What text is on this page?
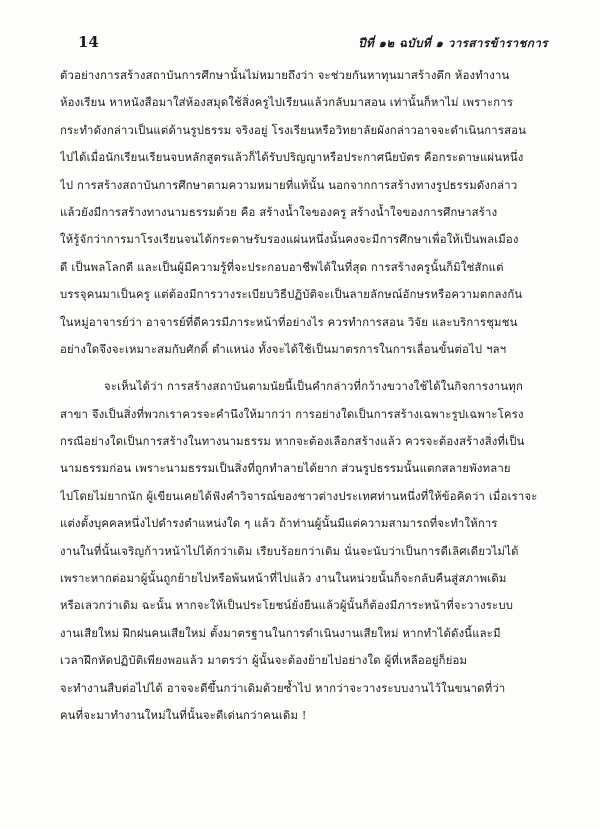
14	ปีที่ ๑๒ ฉบับที่ ๑ วารสารข้าราชการ

ตัวอย่างการสร้างสถาบันการศึกษานั้นไม่หมายถึงว่า จะช่วยกันหาทุนมาสร้างตึก ห้องทำงาน

ห้องเรียน หาหนังสือมาใส่ห้องสมุดใช้สิ่งครูไปเรียนแล้วกลับมาสอน เท่านั้นก็หาไม่ เพราะการ

กระทำดังกล่าวเป็นแต่ด้านรูปธรรม จริงอยู่ โรงเรียนหรือวิทยาลัยผังกล่าวอาจจะดำเนินการสอน

ไปได้เมื่อนักเรียนเรียนจบหลักสูตรแล้วก็ได้รับปริญญาหรือประกาศนียบัตร คือกระดาษแผ่นหนึ่ง

ไป การสร้างสถาบันการศึกษาตามความหมายที่แท้นั้น นอกจากการสร้างทางรูปธรรมดังกล่าว

แล้วยังมีการสร้างทางนามธรรมด้วย คือ สร้างน้ำใจของครู สร้างน้ำใจของการศึกษาสร้าง

ให้รู้จักว่าการมาโรงเรียนจนได้กระดาษรับรองแผ่นหนึ่งนั้นคงจะมีการศึกษาเพื่อให้เป็นพลเมือง

ดี เป็นพลโลกดี และเป็นผู้มีความรู้ที่จะประกอบอาชีพได้ในที่สุด การสร้างครูนั้นก็มิใช่สักแต่

บรรจุคนมาเป็นครู แต่ต้องมีการวางระเบียบวิธีปฏิบัติจะเป็นลายลักษณ์อักษรหรือความตกลงกัน

ในหมู่อาจารย์ว่า อาจารย์ที่ดีควรมีภาระหน้าที่อย่างไร ควรทำการสอน วิจัย และบริการชุมชน

อย่างใดจึงจะเหมาะสมกับศักดิ์ ตำแหน่ง ทั้งจะได้ใช้เป็นมาตรการในการเลื่อนขั้นต่อไป ฯลฯ

จะเห็นได้ว่า การสร้างสถาบันตามนัยนี้เป็นคำกล่าวที่กว้างขวางใช้ได้ในกิจการงานทุก

สาขา จึงเป็นสิ่งที่พวกเราควรจะคำนึงให้มากว่า การอย่างใดเป็นการสร้างเฉพาะรูปเฉพาะโครง

กรณีอย่างใดเป็นการสร้างในทางนามธรรม หากจะต้องเลือกสร้างแล้ว ควรจะต้องสร้างสิ่งที่เป็น

นามธรรมก่อน เพราะนามธรรมเป็นสิ่งที่ถูกทำลายได้ยาก ส่วนรูปธรรมนั้นแตกสลายพังทลาย

ไปโดยไม่ยากนัก ผู้เขียนเคยได้ฟังคำวิจารณ์ของชาวต่างประเทศท่านหนึ่งที่ให้ข้อคิดว่า เมื่อเราจะ

แต่งตั้งบุคคลหนึ่งไปดำรงตำแหน่งใด ๆ แล้ว ถ้าท่านผู้นั้นมีแต่ความสามารถที่จะทำให้การ

งานในที่นั้นเจริญก้าวหน้าไปได้กว่าเดิม เรียบร้อยกว่าเดิม นั่นจะนับว่าเป็นการดีเลิศเดียวไม่ได้

เพราะหากต่อมาผู้นั้นถูกย้ายไปหรือพ้นหน้าที่ไปแล้ว งานในหน่วยนั้นก็จะกลับคืนสู่สภาพเดิม

หรือเลวกว่าเดิม ฉะนั้น หากจะให้เป็นประโยชน์ยั่งยืนแล้วผู้นั้นก็ต้องมีภาระหน้าที่จะวางระบบ

งานเสียใหม่ ฝึกฝนคนเสียใหม่ ตั้งมาตรฐานในการดำเนินงานเสียใหม่ หากทำได้ดังนี้และมี

เวลาฝึกหัดปฏิบัติเพียงพอแล้ว มาตรว่า ผู้นั้นจะต้องย้ายไปอย่างใด ผู้ที่เหลืออยู่ก็ย่อม

จะทำงานสืบต่อไปได้ อาจจะดีขึ้นกว่าเดิมด้วยซ้ำไป หากว่าจะวางระบบงานไว้ในขนาดที่ว่า

คนที่จะมาทำงานใหม่ในที่นั้นจะดีเด่นกว่าคนเดิม !
